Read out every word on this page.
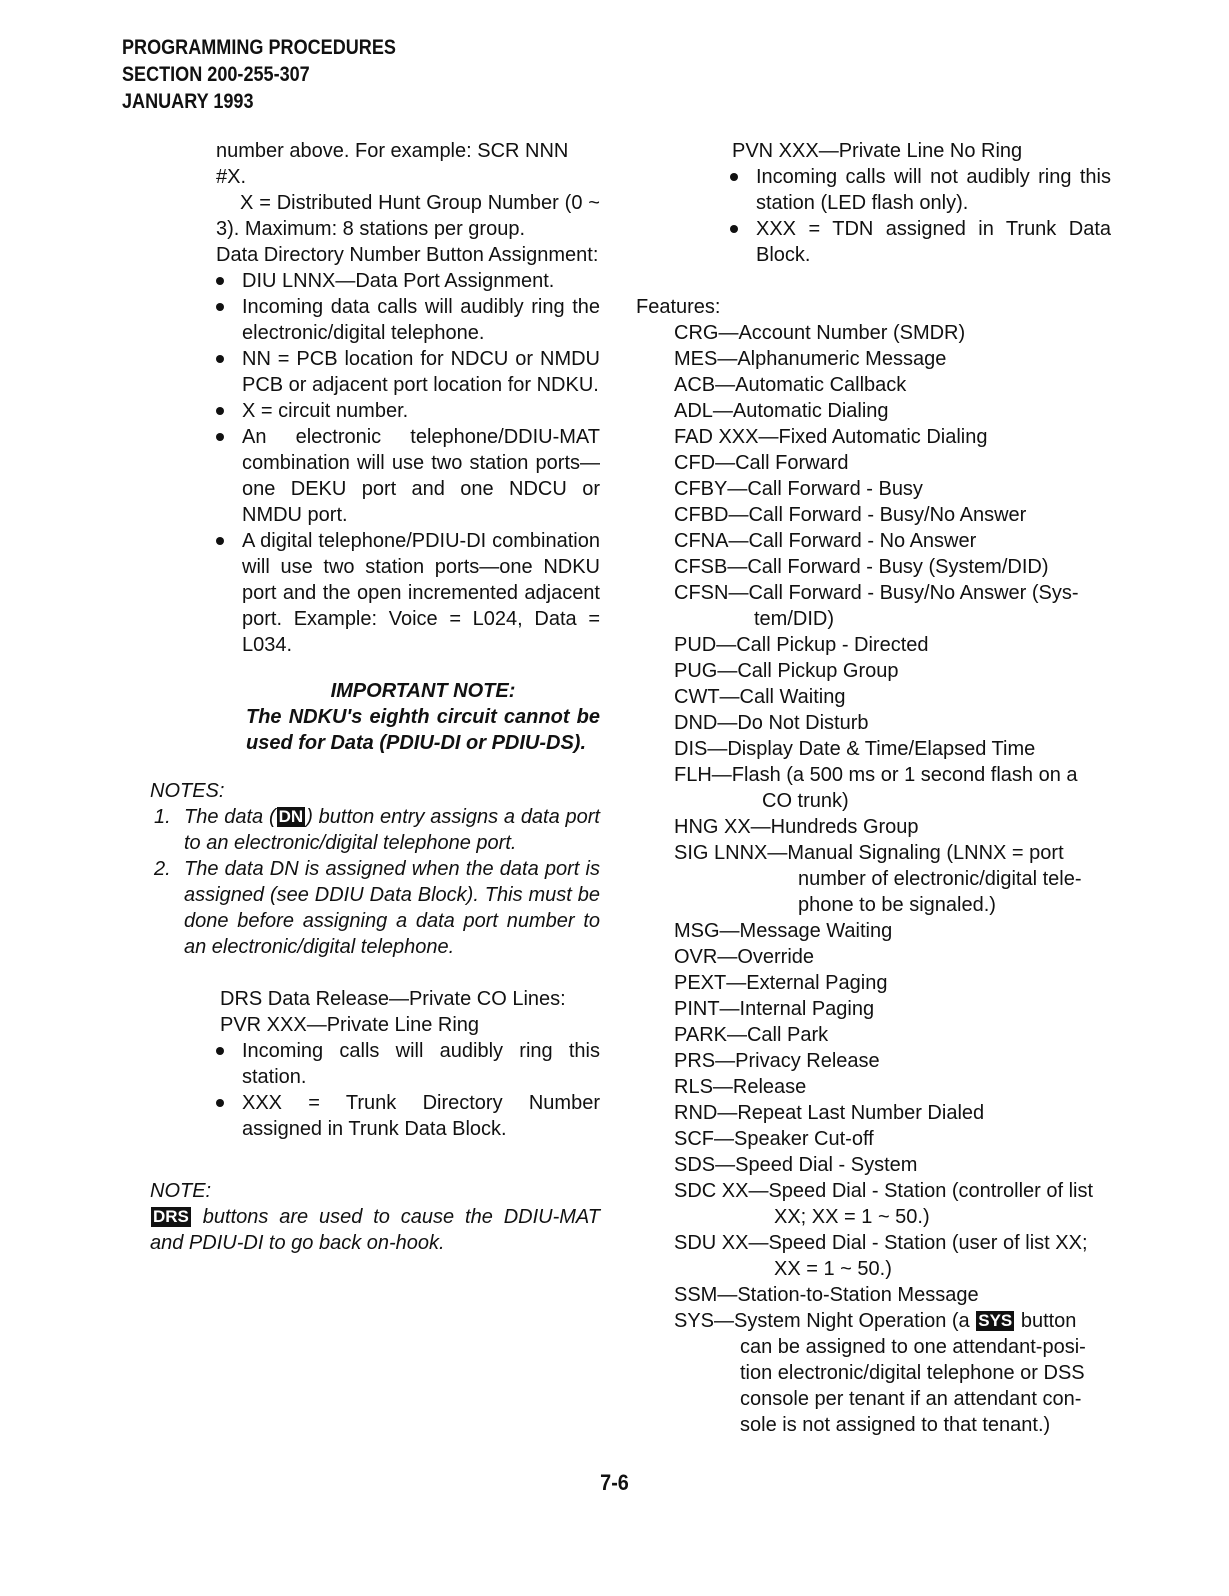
PROGRAMMING PROCEDURES
SECTION 200-255-307
JANUARY 1993

number above. For example: SCR NNN #X.

X = Distributed Hunt Group Number (0 ~ 3). Maximum: 8 stations per group.

Data Directory Number Button Assignment:

DIU LNNX—Data Port Assignment.
Incoming data calls will audibly ring the electronic/digital telephone.
NN = PCB location for NDCU or NMDU PCB or adjacent port location for NDKU.
X = circuit number.
An electronic telephone/DDIU-MAT combination will use two station ports—one DEKU port and one NDCU or NMDU port.
A digital telephone/PDIU-DI combination will use two station ports—one NDKU port and the open incremented adjacent port. Example: Voice = L024, Data = L034.
IMPORTANT NOTE:
The NDKU's eighth circuit cannot be used for Data (PDIU-DI or PDIU-DS).
NOTES:
1. The data ( DN ) button entry assigns a data port to an electronic/digital telephone port.
2. The data DN is assigned when the data port is assigned (see DDIU Data Block). This must be done before assigning a data port number to an electronic/digital telephone.

DRS Data Release—Private CO Lines:

PVR XXX—Private Line Ring

Incoming calls will audibly ring this station.
XXX = Trunk Directory Number assigned in Trunk Data Block.
NOTE:

DRS buttons are used to cause the DDIU-MAT and PDIU-DI to go back on-hook.

PVN XXX—Private Line No Ring

Incoming calls will not audibly ring this station (LED flash only).
XXX = TDN assigned in Trunk Data Block.

Features:

CRG—Account Number (SMDR)
MES—Alphanumeric Message
ACB—Automatic Callback
ADL—Automatic Dialing
FAD XXX—Fixed Automatic Dialing
CFD—Call Forward
CFBY—Call Forward - Busy
CFBD—Call Forward - Busy/No Answer
CFNA—Call Forward - No Answer
CFSB—Call Forward - Busy (System/DID)
CFSN—Call Forward - Busy/No Answer (Sys-
tem/DID)
PUD—Call Pickup - Directed
PUG—Call Pickup Group
CWT—Call Waiting
DND—Do Not Disturb
DIS—Display Date & Time/Elapsed Time
FLH—Flash (a 500 ms or 1 second flash on a
CO trunk)
HNG XX—Hundreds Group
SIG LNNX—Manual Signaling (LNNX = port
number of electronic/digital tele-
phone to be signaled.)
MSG—Message Waiting
OVR—Override
PEXT—External Paging
PINT—Internal Paging
PARK—Call Park
PRS—Privacy Release
RLS—Release
RND—Repeat Last Number Dialed
SCF—Speaker Cut-off
SDS—Speed Dial - System
SDC XX—Speed Dial - Station (controller of list
XX; XX = 1 ~ 50.)
SDU XX—Speed Dial - Station (user of list XX;
XX = 1 ~ 50.)
SSM—Station-to-Station Message
SYS—System Night Operation (a SYS button
can be assigned to one attendant-posi-
tion electronic/digital telephone or DSS
console per tenant if an attendant con-
sole is not assigned to that tenant.)
7-6
